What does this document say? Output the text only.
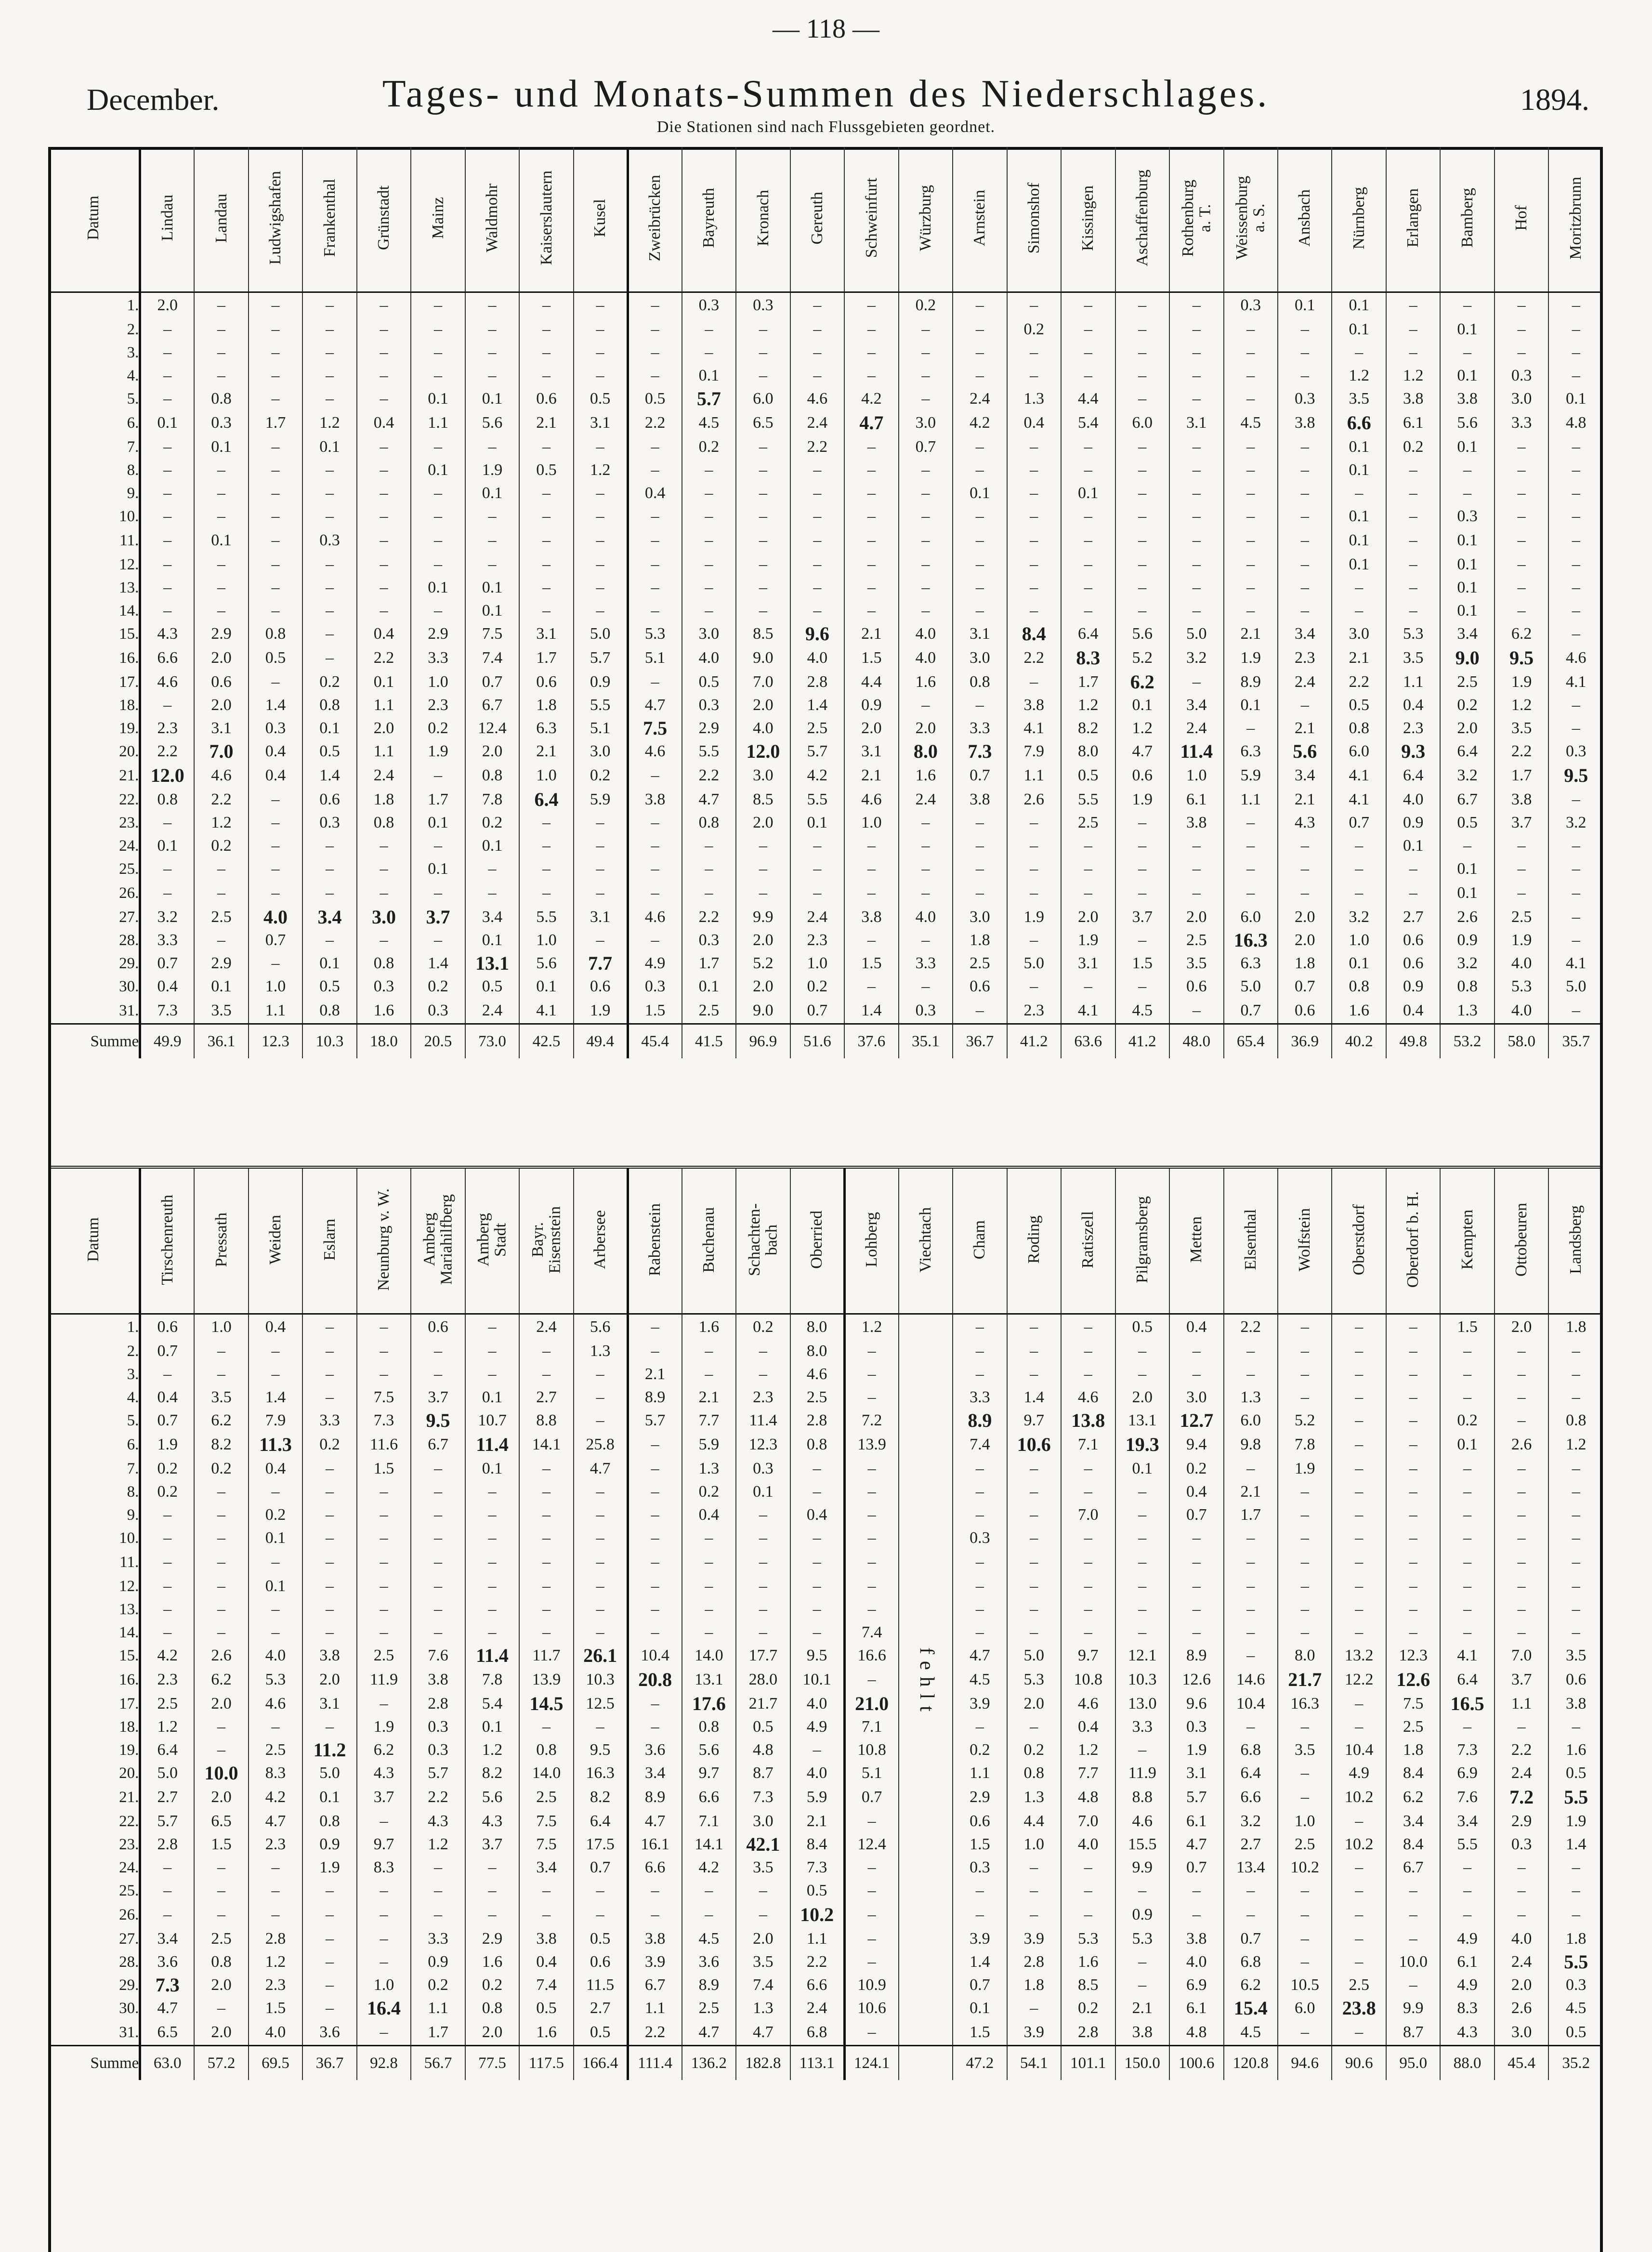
— 118 —
December.	Tages- und Monats-Summen des Niederschlages.	1894.
Die Stationen sind nach Flussgebieten geordnet.
Datum	Lindau	Landau	Ludwigshafen	Frankenthal	Grünstadt	Mainz	Waldmohr	Kaiserslautern	Kusel	Zweibrücken	Bayreuth	Kronach	Gereuth	Schweinfurt	Würzburg	Arnstein	Simonshof	Kissingen	Aschaffenburg	Rothenburg
a. T.	Weissenburg
a. S.	Ansbach	Nürnberg	Erlangen	Bamberg	Hof	Moritzbrunn
1.	2.0	–	–	–	–	–	–	–	–	–	0.3	0.3	–	–	0.2	–	–	–	–	–	0.3	0.1	0.1	–	–	–	–
2.	–	–	–	–	–	–	–	–	–	–	–	–	–	–	–	–	0.2	–	–	–	–	–	0.1	–	0.1	–	–
3.	–	–	–	–	–	–	–	–	–	–	–	–	–	–	–	–	–	–	–	–	–	–	–	–	–	–	–
4.	–	–	–	–	–	–	–	–	–	–	0.1	–	–	–	–	–	–	–	–	–	–	–	1.2	1.2	0.1	0.3	–
5.	–	0.8	–	–	–	0.1	0.1	0.6	0.5	0.5	5.7	6.0	4.6	4.2	–	2.4	1.3	4.4	–	–	–	0.3	3.5	3.8	3.8	3.0	0.1
6.	0.1	0.3	1.7	1.2	0.4	1.1	5.6	2.1	3.1	2.2	4.5	6.5	2.4	4.7	3.0	4.2	0.4	5.4	6.0	3.1	4.5	3.8	6.6	6.1	5.6	3.3	4.8
7.	–	0.1	–	0.1	–	–	–	–	–	–	0.2	–	2.2	–	0.7	–	–	–	–	–	–	–	0.1	0.2	0.1	–	–
8.	–	–	–	–	–	0.1	1.9	0.5	1.2	–	–	–	–	–	–	–	–	–	–	–	–	–	0.1	–	–	–	–
9.	–	–	–	–	–	–	0.1	–	–	0.4	–	–	–	–	–	0.1	–	0.1	–	–	–	–	–	–	–	–	–
10.	–	–	–	–	–	–	–	–	–	–	–	–	–	–	–	–	–	–	–	–	–	–	0.1	–	0.3	–	–
11.	–	0.1	–	0.3	–	–	–	–	–	–	–	–	–	–	–	–	–	–	–	–	–	–	0.1	–	0.1	–	–
12.	–	–	–	–	–	–	–	–	–	–	–	–	–	–	–	–	–	–	–	–	–	–	0.1	–	0.1	–	–
13.	–	–	–	–	–	0.1	0.1	–	–	–	–	–	–	–	–	–	–	–	–	–	–	–	–	–	0.1	–	–
14.	–	–	–	–	–	–	0.1	–	–	–	–	–	–	–	–	–	–	–	–	–	–	–	–	–	0.1	–	–
15.	4.3	2.9	0.8	–	0.4	2.9	7.5	3.1	5.0	5.3	3.0	8.5	9.6	2.1	4.0	3.1	8.4	6.4	5.6	5.0	2.1	3.4	3.0	5.3	3.4	6.2	–
16.	6.6	2.0	0.5	–	2.2	3.3	7.4	1.7	5.7	5.1	4.0	9.0	4.0	1.5	4.0	3.0	2.2	8.3	5.2	3.2	1.9	2.3	2.1	3.5	9.0	9.5	4.6
17.	4.6	0.6	–	0.2	0.1	1.0	0.7	0.6	0.9	–	0.5	7.0	2.8	4.4	1.6	0.8	–	1.7	6.2	–	8.9	2.4	2.2	1.1	2.5	1.9	4.1
18.	–	2.0	1.4	0.8	1.1	2.3	6.7	1.8	5.5	4.7	0.3	2.0	1.4	0.9	–	–	3.8	1.2	0.1	3.4	0.1	–	0.5	0.4	0.2	1.2	–
19.	2.3	3.1	0.3	0.1	2.0	0.2	12.4	6.3	5.1	7.5	2.9	4.0	2.5	2.0	2.0	3.3	4.1	8.2	1.2	2.4	–	2.1	0.8	2.3	2.0	3.5	–
20.	2.2	7.0	0.4	0.5	1.1	1.9	2.0	2.1	3.0	4.6	5.5	12.0	5.7	3.1	8.0	7.3	7.9	8.0	4.7	11.4	6.3	5.6	6.0	9.3	6.4	2.2	0.3
21.	12.0	4.6	0.4	1.4	2.4	–	0.8	1.0	0.2	–	2.2	3.0	4.2	2.1	1.6	0.7	1.1	0.5	0.6	1.0	5.9	3.4	4.1	6.4	3.2	1.7	9.5
22.	0.8	2.2	–	0.6	1.8	1.7	7.8	6.4	5.9	3.8	4.7	8.5	5.5	4.6	2.4	3.8	2.6	5.5	1.9	6.1	1.1	2.1	4.1	4.0	6.7	3.8	–
23.	–	1.2	–	0.3	0.8	0.1	0.2	–	–	–	0.8	2.0	0.1	1.0	–	–	–	2.5	–	3.8	–	4.3	0.7	0.9	0.5	3.7	3.2
24.	0.1	0.2	–	–	–	–	0.1	–	–	–	–	–	–	–	–	–	–	–	–	–	–	–	–	0.1	–	–	–
25.	–	–	–	–	–	0.1	–	–	–	–	–	–	–	–	–	–	–	–	–	–	–	–	–	–	0.1	–	–
26.	–	–	–	–	–	–	–	–	–	–	–	–	–	–	–	–	–	–	–	–	–	–	–	–	0.1	–	–
27.	3.2	2.5	4.0	3.4	3.0	3.7	3.4	5.5	3.1	4.6	2.2	9.9	2.4	3.8	4.0	3.0	1.9	2.0	3.7	2.0	6.0	2.0	3.2	2.7	2.6	2.5	–
28.	3.3	–	0.7	–	–	–	0.1	1.0	–	–	0.3	2.0	2.3	–	–	1.8	–	1.9	–	2.5	16.3	2.0	1.0	0.6	0.9	1.9	–
29.	0.7	2.9	–	0.1	0.8	1.4	13.1	5.6	7.7	4.9	1.7	5.2	1.0	1.5	3.3	2.5	5.0	3.1	1.5	3.5	6.3	1.8	0.1	0.6	3.2	4.0	4.1
30.	0.4	0.1	1.0	0.5	0.3	0.2	0.5	0.1	0.6	0.3	0.1	2.0	0.2	–	–	0.6	–	–	–	0.6	5.0	0.7	0.8	0.9	0.8	5.3	5.0
31.	7.3	3.5	1.1	0.8	1.6	0.3	2.4	4.1	1.9	1.5	2.5	9.0	0.7	1.4	0.3	–	2.3	4.1	4.5	–	0.7	0.6	1.6	0.4	1.3	4.0	–
Summe	49.9	36.1	12.3	10.3	18.0	20.5	73.0	42.5	49.4	45.4	41.5	96.9	51.6	37.6	35.1	36.7	41.2	63.6	41.2	48.0	65.4	36.9	40.2	49.8	53.2	58.0	35.7
Datum	Tirschenreuth	Pressath	Weiden	Eslarn	Neunburg v. W.	Amberg
Mariahilfberg	Amberg
Stadt	Bayr.
Eisenstein	Arbersee	Rabenstein	Buchenau	Schachten-
bach	Oberried	Lohberg	Viechtach	Cham	Roding	Ratiszell	Pilgramsberg	Metten	Elsenthal	Wolfstein	Oberstdorf	Oberdorf b. H.	Kempten	Ottobeuren	Landsberg
1.	0.6	1.0	0.4	–	–	0.6	–	2.4	5.6	–	1.6	0.2	8.0	1.2		–	–	–	0.5	0.4	2.2	–	–	–	1.5	2.0	1.8
2.	0.7	–	–	–	–	–	–	–	1.3	–	–	–	8.0	–		–	–	–	–	–	–	–	–	–	–	–	–
3.	–	–	–	–	–	–	–	–	–	2.1	–	–	4.6	–		–	–	–	–	–	–	–	–	–	–	–	–
4.	0.4	3.5	1.4	–	7.5	3.7	0.1	2.7	–	8.9	2.1	2.3	2.5	–		3.3	1.4	4.6	2.0	3.0	1.3	–	–	–	–	–	–
5.	0.7	6.2	7.9	3.3	7.3	9.5	10.7	8.8	–	5.7	7.7	11.4	2.8	7.2		8.9	9.7	13.8	13.1	12.7	6.0	5.2	–	–	0.2	–	0.8
6.	1.9	8.2	11.3	0.2	11.6	6.7	11.4	14.1	25.8	–	5.9	12.3	0.8	13.9		7.4	10.6	7.1	19.3	9.4	9.8	7.8	–	–	0.1	2.6	1.2
7.	0.2	0.2	0.4	–	1.5	–	0.1	–	4.7	–	1.3	0.3	–	–		–	–	–	0.1	0.2	–	1.9	–	–	–	–	–
8.	0.2	–	–	–	–	–	–	–	–	–	0.2	0.1	–	–		–	–	–	–	0.4	2.1	–	–	–	–	–	–
9.	–	–	0.2	–	–	–	–	–	–	–	0.4	–	0.4	–		–	–	7.0	–	0.7	1.7	–	–	–	–	–	–
10.	–	–	0.1	–	–	–	–	–	–	–	–	–	–	–		0.3	–	–	–	–	–	–	–	–	–	–	–
11.	–	–	–	–	–	–	–	–	–	–	–	–	–	–		–	–	–	–	–	–	–	–	–	–	–	–
12.	–	–	0.1	–	–	–	–	–	–	–	–	–	–	–		–	–	–	–	–	–	–	–	–	–	–	–
13.	–	–	–	–	–	–	–	–	–	–	–	–	–	–		–	–	–	–	–	–	–	–	–	–	–	–
14.	–	–	–	–	–	–	–	–	–	–	–	–	–	7.4		–	–	–	–	–	–	–	–	–	–	–	–
15.	4.2	2.6	4.0	3.8	2.5	7.6	11.4	11.7	26.1	10.4	14.0	17.7	9.5	16.6		4.7	5.0	9.7	12.1	8.9	–	8.0	13.2	12.3	4.1	7.0	3.5
16.	2.3	6.2	5.3	2.0	11.9	3.8	7.8	13.9	10.3	20.8	13.1	28.0	10.1	–		4.5	5.3	10.8	10.3	12.6	14.6	21.7	12.2	12.6	6.4	3.7	0.6
17.	2.5	2.0	4.6	3.1	–	2.8	5.4	14.5	12.5	–	17.6	21.7	4.0	21.0		3.9	2.0	4.6	13.0	9.6	10.4	16.3	–	7.5	16.5	1.1	3.8
18.	1.2	–	–	–	1.9	0.3	0.1	–	–	–	0.8	0.5	4.9	7.1		–	–	0.4	3.3	0.3	–	–	–	2.5	–	–	–
19.	6.4	–	2.5	11.2	6.2	0.3	1.2	0.8	9.5	3.6	5.6	4.8	–	10.8		0.2	0.2	1.2	–	1.9	6.8	3.5	10.4	1.8	7.3	2.2	1.6
20.	5.0	10.0	8.3	5.0	4.3	5.7	8.2	14.0	16.3	3.4	9.7	8.7	4.0	5.1		1.1	0.8	7.7	11.9	3.1	6.4	–	4.9	8.4	6.9	2.4	0.5
21.	2.7	2.0	4.2	0.1	3.7	2.2	5.6	2.5	8.2	8.9	6.6	7.3	5.9	0.7		2.9	1.3	4.8	8.8	5.7	6.6	–	10.2	6.2	7.6	7.2	5.5
22.	5.7	6.5	4.7	0.8	–	4.3	4.3	7.5	6.4	4.7	7.1	3.0	2.1	–		0.6	4.4	7.0	4.6	6.1	3.2	1.0	–	3.4	3.4	2.9	1.9
23.	2.8	1.5	2.3	0.9	9.7	1.2	3.7	7.5	17.5	16.1	14.1	42.1	8.4	12.4		1.5	1.0	4.0	15.5	4.7	2.7	2.5	10.2	8.4	5.5	0.3	1.4
24.	–	–	–	1.9	8.3	–	–	3.4	0.7	6.6	4.2	3.5	7.3	–		0.3	–	–	9.9	0.7	13.4	10.2	–	6.7	–	–	–
25.	–	–	–	–	–	–	–	–	–	–	–	–	0.5	–		–	–	–	–	–	–	–	–	–	–	–	–
26.	–	–	–	–	–	–	–	–	–	–	–	–	10.2	–		–	–	–	0.9	–	–	–	–	–	–	–	–
27.	3.4	2.5	2.8	–	–	3.3	2.9	3.8	0.5	3.8	4.5	2.0	1.1	–		3.9	3.9	5.3	5.3	3.8	0.7	–	–	–	4.9	4.0	1.8
28.	3.6	0.8	1.2	–	–	0.9	1.6	0.4	0.6	3.9	3.6	3.5	2.2	–		1.4	2.8	1.6	–	4.0	6.8	–	–	10.0	6.1	2.4	5.5
29.	7.3	2.0	2.3	–	1.0	0.2	0.2	7.4	11.5	6.7	8.9	7.4	6.6	10.9		0.7	1.8	8.5	–	6.9	6.2	10.5	2.5	–	4.9	2.0	0.3
30.	4.7	–	1.5	–	16.4	1.1	0.8	0.5	2.7	1.1	2.5	1.3	2.4	10.6		0.1	–	0.2	2.1	6.1	15.4	6.0	23.8	9.9	8.3	2.6	4.5
31.	6.5	2.0	4.0	3.6	–	1.7	2.0	1.6	0.5	2.2	4.7	4.7	6.8	–		1.5	3.9	2.8	3.8	4.8	4.5	–	–	8.7	4.3	3.0	0.5
Summe	63.0	57.2	69.5	36.7	92.8	56.7	77.5	117.5	166.4	111.4	136.2	182.8	113.1	124.1		47.2	54.1	101.1	150.0	100.6	120.8	94.6	90.6	95.0	88.0	45.4	35.2
fehlt
